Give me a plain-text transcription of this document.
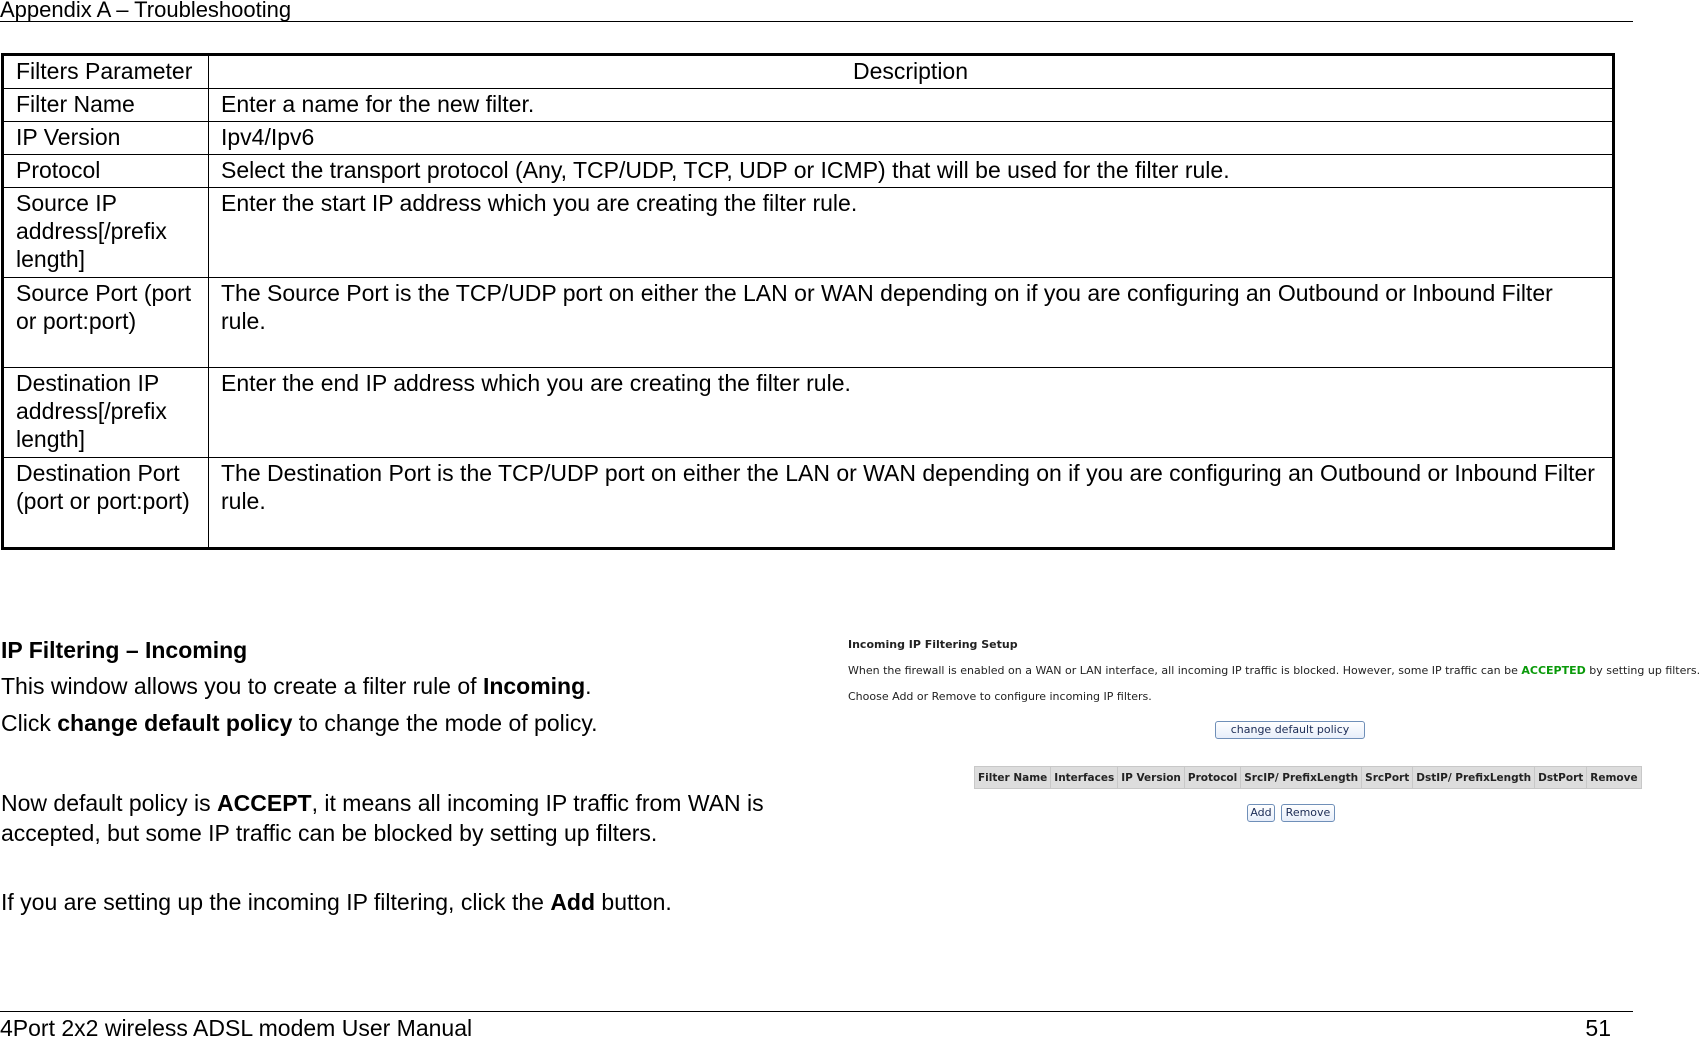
Appendix A – Troubleshooting
Filters Parameter	Description
Filter Name	Enter a name for the new filter.
IP Version	Ipv4/Ipv6
Protocol	Select the transport protocol (Any, TCP/UDP, TCP, UDP or ICMP) that will be used for the filter rule.
Source IP address[/prefix length]	Enter the start IP address which you are creating the filter rule.
Source Port (port or port:port)	The Source Port is the TCP/UDP port on either the LAN or WAN depending on if you are configuring an Outbound or Inbound Filter rule.
Destination IP address[/prefix length]	Enter the end IP address which you are creating the filter rule.
Destination Port (port or port:port)	The Destination Port is the TCP/UDP port on either the LAN or WAN depending on if you are configuring an Outbound or Inbound Filter rule.

IP Filtering – Incoming

This window allows you to create a filter rule of Incoming.

Click change default policy to change the mode of policy.

Now default policy is ACCEPT, it means all incoming IP traffic from WAN is accepted, but some IP traffic can be blocked by setting up filters.

If you are setting up the incoming IP filtering, click the Add button.

Incoming IP Filtering Setup
When the firewall is enabled on a WAN or LAN interface, all incoming IP traffic is blocked. However, some IP traffic can be ACCEPTED by setting up filters.
Choose Add or Remove to configure incoming IP filters.
change default policy
Filter Name	Interfaces	IP Version	Protocol	SrcIP/ PrefixLength	SrcPort	DstIP/ PrefixLength	DstPort	Remove
Add	Remove
4Port 2x2 wireless ADSL modem User Manual	51
